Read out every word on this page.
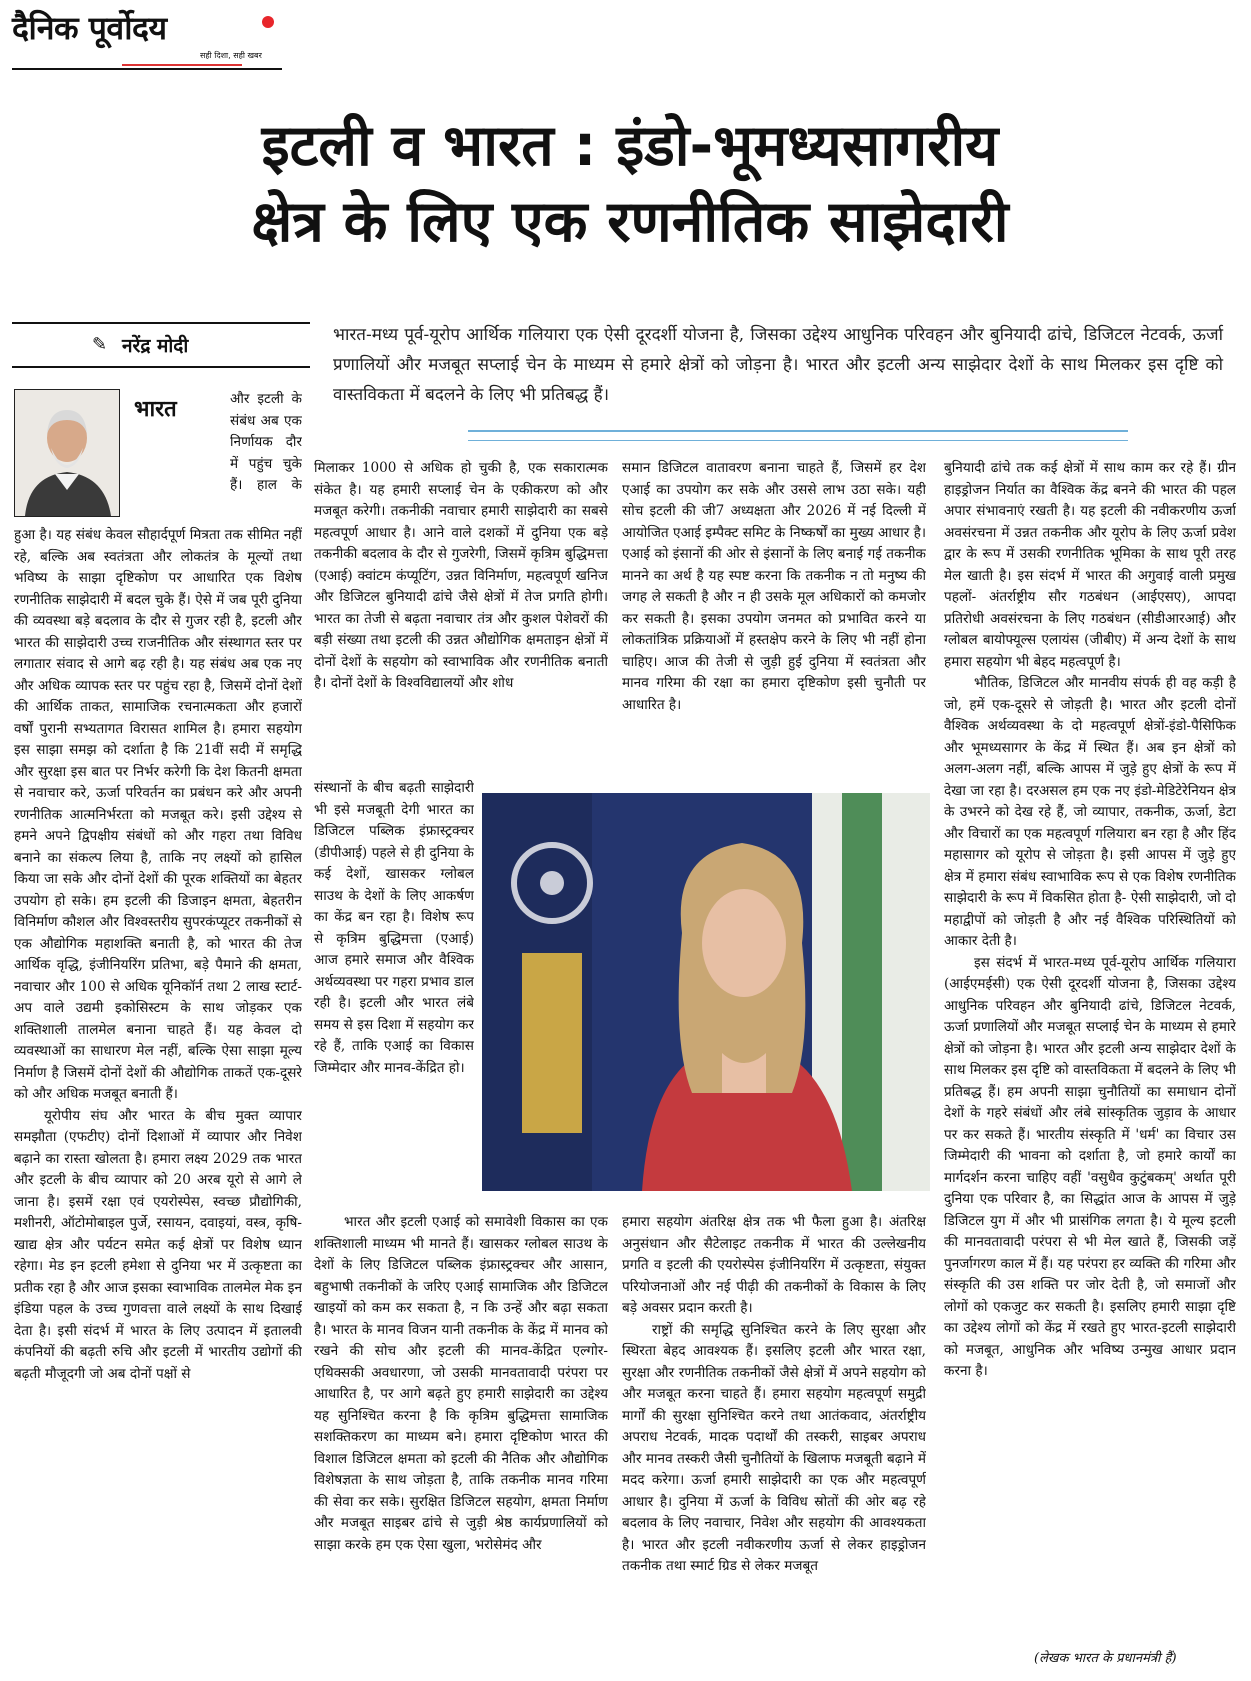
दैनिक पूर्वोदय
सही दिशा, सही खबर
इटली व भारत : इंडो-भूमध्यसागरीय
क्षेत्र के लिए एक रणनीतिक साझेदारी
✎ नरेंद्र मोदी	भारत-मध्य पूर्व-यूरोप आर्थिक गलियारा एक ऐसी दूरदर्शी योजना है, जिसका उद्देश्य आधुनिक परिवहन और बुनियादी ढांचे, डिजिटल नेटवर्क, ऊर्जा प्रणालियों और मजबूत सप्लाई चेन के माध्यम से हमारे क्षेत्रों को जोड़ना है। भारत और इटली अन्य साझेदार देशों के साथ मिलकर इस दृष्टि को वास्तविकता में बदलने के लिए भी प्रतिबद्ध हैं।
भारत	और इटली के संबंध अब एक निर्णायक दौर में पहुंच चुके हैं। हाल के

हुआ है। यह संबंध केवल सौहार्दपूर्ण मित्रता तक सीमित नहीं रहे, बल्कि अब स्वतंत्रता और लोकतंत्र के मूल्यों तथा भविष्य के साझा दृष्टिकोण पर आधारित एक विशेष रणनीतिक साझेदारी में बदल चुके हैं। ऐसे में जब पूरी दुनिया की व्यवस्था बड़े बदलाव के दौर से गुजर रही है, इटली और भारत की साझेदारी उच्च राजनीतिक और संस्थागत स्तर पर लगातार संवाद से आगे बढ़ रही है। यह संबंध अब एक नए और अधिक व्यापक स्तर पर पहुंच रहा है, जिसमें दोनों देशों की आर्थिक ताकत, सामाजिक रचनात्मकता और हजारों वर्षों पुरानी सभ्यतागत विरासत शामिल है। हमारा सहयोग इस साझा समझ को दर्शाता है कि 21वीं सदी में समृद्धि और सुरक्षा इस बात पर निर्भर करेगी कि देश कितनी क्षमता से नवाचार करे, ऊर्जा परिवर्तन का प्रबंधन करे और अपनी रणनीतिक आत्मनिर्भरता को मजबूत करे। इसी उद्देश्य से हमने अपने द्विपक्षीय संबंधों को और गहरा तथा विविध बनाने का संकल्प लिया है, ताकि नए लक्ष्यों को हासिल किया जा सके और दोनों देशों की पूरक शक्तियों का बेहतर उपयोग हो सके। हम इटली की डिजाइन क्षमता, बेहतरीन विनिर्माण कौशल और विश्वस्तरीय सुपरकंप्यूटर तकनीकों से एक औद्योगिक महाशक्ति बनाती है, को भारत की तेज आर्थिक वृद्धि, इंजीनियरिंग प्रतिभा, बड़े पैमाने की क्षमता, नवाचार और 100 से अधिक यूनिकॉर्न तथा 2 लाख स्टार्ट-अप वाले उद्यमी इकोसिस्टम के साथ जोड़कर एक शक्तिशाली तालमेल बनाना चाहते हैं। यह केवल दो व्यवस्थाओं का साधारण मेल नहीं, बल्कि ऐसा साझा मूल्य निर्माण है जिसमें दोनों देशों की औद्योगिक ताकतें एक-दूसरे को और अधिक मजबूत बनाती हैं।

यूरोपीय संघ और भारत के बीच मुक्त व्यापार समझौता (एफटीए) दोनों दिशाओं में व्यापार और निवेश बढ़ाने का रास्ता खोलता है। हमारा लक्ष्य 2029 तक भारत और इटली के बीच व्यापार को 20 अरब यूरो से आगे ले जाना है। इसमें रक्षा एवं एयरोस्पेस, स्वच्छ प्रौद्योगिकी, मशीनरी, ऑटोमोबाइल पुर्जे, रसायन, दवाइयां, वस्त्र, कृषि-खाद्य क्षेत्र और पर्यटन समेत कई क्षेत्रों पर विशेष ध्यान रहेगा। मेड इन इटली हमेशा से दुनिया भर में उत्कृष्टता का प्रतीक रहा है और आज इसका स्वाभाविक तालमेल मेक इन इंडिया पहल के उच्च गुणवत्ता वाले लक्ष्यों के साथ दिखाई देता है। इसी संदर्भ में भारत के लिए उत्पादन में इतालवी कंपनियों की बढ़ती रुचि और इटली में भारतीय उद्योगों की बढ़ती मौजूदगी जो अब दोनों पक्षों से

मिलाकर 1000 से अधिक हो चुकी है, एक सकारात्मक संकेत है। यह हमारी सप्लाई चेन के एकीकरण को और मजबूत करेगी। तकनीकी नवाचार हमारी साझेदारी का सबसे महत्वपूर्ण आधार है। आने वाले दशकों में दुनिया एक बड़े तकनीकी बदलाव के दौर से गुजरेगी, जिसमें कृत्रिम बुद्धिमत्ता (एआई) क्वांटम कंप्यूटिंग, उन्नत विनिर्माण, महत्वपूर्ण खनिज और डिजिटल बुनियादी ढांचे जैसे क्षेत्रों में तेज प्रगति होगी। भारत का तेजी से बढ़ता नवाचार तंत्र और कुशल पेशेवरों की बड़ी संख्या तथा इटली की उन्नत औद्योगिक क्षमताइन क्षेत्रों में दोनों देशों के सहयोग को स्वाभाविक और रणनीतिक बनाती है। दोनों देशों के विश्वविद्यालयों और शोध

संस्थानों के बीच बढ़ती साझेदारी भी इसे मजबूती देगी भारत का डिजिटल पब्लिक इंफ्रास्ट्रक्चर (डीपीआई) पहले से ही दुनिया के कई देशों, खासकर ग्लोबल साउथ के देशों के लिए आकर्षण का केंद्र बन रहा है। विशेष रूप से कृत्रिम बुद्धिमत्ता (एआई) आज हमारे समाज और वैश्विक अर्थव्यवस्था पर गहरा प्रभाव डाल रही है। इटली और भारत लंबे समय से इस दिशा में सहयोग कर रहे हैं, ताकि एआई का विकास जिम्मेदार और मानव-केंद्रित हो।

भारत और इटली एआई को समावेशी विकास का एक शक्तिशाली माध्यम भी मानते हैं। खासकर ग्लोबल साउथ के देशों के लिए डिजिटल पब्लिक इंफ्रास्ट्रक्चर और आसान, बहुभाषी तकनीकों के जरिए एआई सामाजिक और डिजिटल खाइयों को कम कर सकता है, न कि उन्हें और बढ़ा सकता है। भारत के मानव विजन यानी तकनीक के केंद्र में मानव को रखने की सोच और इटली की मानव-केंद्रित एल्गोर-एथिक्सकी अवधारणा, जो उसकी मानवतावादी परंपरा पर आधारित है, पर आगे बढ़ते हुए हमारी साझेदारी का उद्देश्य यह सुनिश्चित करना है कि कृत्रिम बुद्धिमत्ता सामाजिक सशक्तिकरण का माध्यम बने। हमारा दृष्टिकोण भारत की विशाल डिजिटल क्षमता को इटली की नैतिक और औद्योगिक विशेषज्ञता के साथ जोड़ता है, ताकि तकनीक मानव गरिमा की सेवा कर सके। सुरक्षित डिजिटल सहयोग, क्षमता निर्माण और मजबूत साइबर ढांचे से जुड़ी श्रेष्ठ कार्यप्रणालियों को साझा करके हम एक ऐसा खुला, भरोसेमंद और

समान डिजिटल वातावरण बनाना चाहते हैं, जिसमें हर देश एआई का उपयोग कर सके और उससे लाभ उठा सके। यही सोच इटली की जी7 अध्यक्षता और 2026 में नई दिल्ली में आयोजित एआई इम्पैक्ट समिट के निष्कर्षों का मुख्य आधार है। एआई को इंसानों की ओर से इंसानों के लिए बनाई गई तकनीक मानने का अर्थ है यह स्पष्ट करना कि तकनीक न तो मनुष्य की जगह ले सकती है और न ही उसके मूल अधिकारों को कमजोर कर सकती है। इसका उपयोग जनमत को प्रभावित करने या लोकतांत्रिक प्रक्रियाओं में हस्तक्षेप करने के लिए भी नहीं होना चाहिए। आज की तेजी से जुड़ी हुई दुनिया में स्वतंत्रता और मानव गरिमा की रक्षा का हमारा दृष्टिकोण इसी चुनौती पर आधारित है।

हमारा सहयोग अंतरिक्ष क्षेत्र तक भी फैला हुआ है। अंतरिक्ष अनुसंधान और सैटेलाइट तकनीक में भारत की उल्लेखनीय प्रगति व इटली की एयरोस्पेस इंजीनियरिंग में उत्कृष्टता, संयुक्त परियोजनाओं और नई पीढ़ी की तकनीकों के विकास के लिए बड़े अवसर प्रदान करती है।

राष्ट्रों की समृद्धि सुनिश्चित करने के लिए सुरक्षा और स्थिरता बेहद आवश्यक हैं। इसलिए इटली और भारत रक्षा, सुरक्षा और रणनीतिक तकनीकों जैसे क्षेत्रों में अपने सहयोग को और मजबूत करना चाहते हैं। हमारा सहयोग महत्वपूर्ण समुद्री मार्गों की सुरक्षा सुनिश्चित करने तथा आतंकवाद, अंतर्राष्ट्रीय अपराध नेटवर्क, मादक पदार्थों की तस्करी, साइबर अपराध और मानव तस्करी जैसी चुनौतियों के खिलाफ मजबूती बढ़ाने में मदद करेगा। ऊर्जा हमारी साझेदारी का एक और महत्वपूर्ण आधार है। दुनिया में ऊर्जा के विविध स्रोतों की ओर बढ़ रहे बदलाव के लिए नवाचार, निवेश और सहयोग की आवश्यकता है। भारत और इटली नवीकरणीय ऊर्जा से लेकर हाइड्रोजन तकनीक तथा स्मार्ट ग्रिड से लेकर मजबूत

बुनियादी ढांचे तक कई क्षेत्रों में साथ काम कर रहे हैं। ग्रीन हाइड्रोजन निर्यात का वैश्विक केंद्र बनने की भारत की पहल अपार संभावनाएं रखती है। यह इटली की नवीकरणीय ऊर्जा अवसंरचना में उन्नत तकनीक और यूरोप के लिए ऊर्जा प्रवेश द्वार के रूप में उसकी रणनीतिक भूमिका के साथ पूरी तरह मेल खाती है। इस संदर्भ में भारत की अगुवाई वाली प्रमुख पहलों- अंतर्राष्ट्रीय सौर गठबंधन (आईएसए), आपदा प्रतिरोधी अवसंरचना के लिए गठबंधन (सीडीआरआई) और ग्लोबल बायोफ्यूल्स एलायंस (जीबीए) में अन्य देशों के साथ हमारा सहयोग भी बेहद महत्वपूर्ण है।

भौतिक, डिजिटल और मानवीय संपर्क ही वह कड़ी है जो, हमें एक-दूसरे से जोड़ती है। भारत और इटली दोनों वैश्विक अर्थव्यवस्था के दो महत्वपूर्ण क्षेत्रों-इंडो-पैसिफिक और भूमध्यसागर के केंद्र में स्थित हैं। अब इन क्षेत्रों को अलग-अलग नहीं, बल्कि आपस में जुड़े हुए क्षेत्रों के रूप में देखा जा रहा है। दरअसल हम एक नए इंडो-मेडिटेरेनियन क्षेत्र के उभरने को देख रहे हैं, जो व्यापार, तकनीक, ऊर्जा, डेटा और विचारों का एक महत्वपूर्ण गलियारा बन रहा है और हिंद महासागर को यूरोप से जोड़ता है। इसी आपस में जुड़े हुए क्षेत्र में हमारा संबंध स्वाभाविक रूप से एक विशेष रणनीतिक साझेदारी के रूप में विकसित होता है- ऐसी साझेदारी, जो दो महाद्वीपों को जोड़ती है और नई वैश्विक परिस्थितियों को आकार देती है।

इस संदर्भ में भारत-मध्य पूर्व-यूरोप आर्थिक गलियारा (आईएमईसी) एक ऐसी दूरदर्शी योजना है, जिसका उद्देश्य आधुनिक परिवहन और बुनियादी ढांचे, डिजिटल नेटवर्क, ऊर्जा प्रणालियों और मजबूत सप्लाई चेन के माध्यम से हमारे क्षेत्रों को जोड़ना है। भारत और इटली अन्य साझेदार देशों के साथ मिलकर इस दृष्टि को वास्तविकता में बदलने के लिए भी प्रतिबद्ध हैं। हम अपनी साझा चुनौतियों का समाधान दोनों देशों के गहरे संबंधों और लंबे सांस्कृतिक जुड़ाव के आधार पर कर सकते हैं। भारतीय संस्कृति में 'धर्म' का विचार उस जिम्मेदारी की भावना को दर्शाता है, जो हमारे कार्यों का मार्गदर्शन करना चाहिए वहीं 'वसुधैव कुटुंबकम्' अर्थात पूरी दुनिया एक परिवार है, का सिद्धांत आज के आपस में जुड़े डिजिटल युग में और भी प्रासंगिक लगता है। ये मूल्य इटली की मानवतावादी परंपरा से भी मेल खाते हैं, जिसकी जड़ें पुनर्जागरण काल में हैं। यह परंपरा हर व्यक्ति की गरिमा और संस्कृति की उस शक्ति पर जोर देती है, जो समाजों और लोगों को एकजुट कर सकती है। इसलिए हमारी साझा दृष्टि का उद्देश्य लोगों को केंद्र में रखते हुए भारत-इटली साझेदारी को मजबूत, आधुनिक और भविष्य उन्मुख आधार प्रदान करना है।

(लेखक भारत के प्रधानमंत्री हैं)
